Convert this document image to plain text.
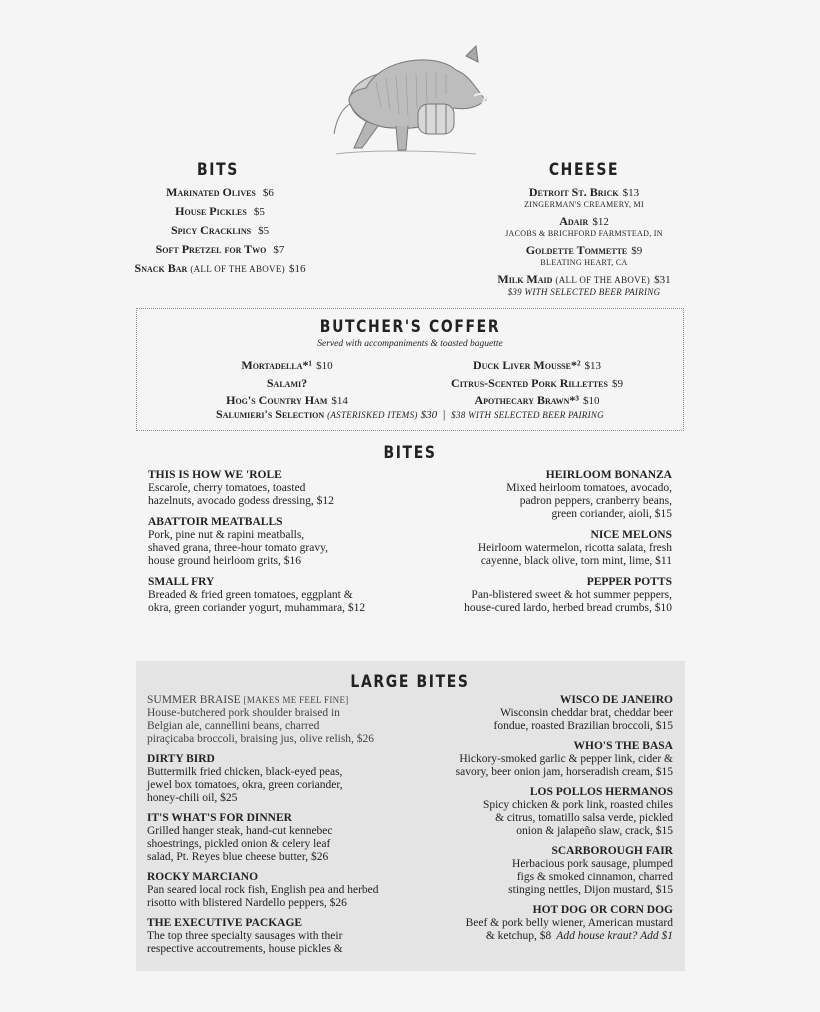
BITS
Marinated Olives $6
House Pickles $5
Spicy Cracklins $5
Soft Pretzel for Two $7
Snack Bar (ALL OF THE ABOVE) $16
CHEESE
Detroit St. Brick $13
ZINGERMAN'S CREAMERY, MI
Adair $12
JACOBS & BRICHFORD FARMSTEAD, IN
Goldette Tommette $9
BLEATING HEART, CA
Milk Maid (ALL OF THE ABOVE) $31
$39 WITH SELECTED BEER PAIRING
BUTCHER'S COFFER
Served with accompaniments & toasted baguette
Mortadella*¹ $10
Salami?
Hog's Country Ham $14
Duck Liver Mousse*² $13
Citrus-Scented Pork Rillettes $9
Apothecary Brawn*³ $10
Salumieri's Selection (ASTERISKED ITEMS) $30 | $38 WITH SELECTED BEER PAIRING
BITES
THIS IS HOW WE 'ROLE
Escarole, cherry tomatoes, toasted
hazelnuts, avocado godess dressing, $12
ABATTOIR MEATBALLS
Pork, pine nut & rapini meatballs,
shaved grana, three-hour tomato gravy,
house ground heirloom grits, $16
SMALL FRY
Breaded & fried green tomatoes, eggplant &
okra, green coriander yogurt, muhammara, $12
HEIRLOOM BONANZA
Mixed heirloom tomatoes, avocado,
padron peppers, cranberry beans,
green coriander, aioli, $15
NICE MELONS
Heirloom watermelon, ricotta salata, fresh
cayenne, black olive, torn mint, lime, $11
PEPPER POTTS
Pan-blistered sweet & hot summer peppers,
house-cured lardo, herbed bread crumbs, $10
LARGE BITES
SUMMER BRAISE [MAKES ME FEEL FINE]
House-butchered pork shoulder braised in
Belgian ale, cannellini beans, charred
piraçicaba broccoli, braising jus, olive relish, $26
DIRTY BIRD
Buttermilk fried chicken, black-eyed peas,
jewel box tomatoes, okra, green coriander,
honey-chili oil, $25
IT'S WHAT'S FOR DINNER
Grilled hanger steak, hand-cut kennebec
shoestrings, pickled onion & celery leaf
salad, Pt. Reyes blue cheese butter, $26
ROCKY MARCIANO
Pan seared local rock fish, English pea and herbed
risotto with blistered Nardello peppers, $26
THE EXECUTIVE PACKAGE
The top three specialty sausages with their
respective accoutrements, house pickles &
WISCO DE JANEIRO
Wisconsin cheddar brat, cheddar beer
fondue, roasted Brazilian broccoli, $15
WHO'S THE BASA
Hickory-smoked garlic & pepper link, cider &
savory, beer onion jam, horseradish cream, $15
LOS POLLOS HERMANOS
Spicy chicken & pork link, roasted chiles
& citrus, tomatillo salsa verde, pickled
onion & jalapeño slaw, crack, $15
SCARBOROUGH FAIR
Herbacious pork sausage, plumped
figs & smoked cinnamon, charred
stinging nettles, Dijon mustard, $15
HOT DOG OR CORN DOG
Beef & pork belly wiener, American mustard
& ketchup, $8 Add house kraut? Add $1
